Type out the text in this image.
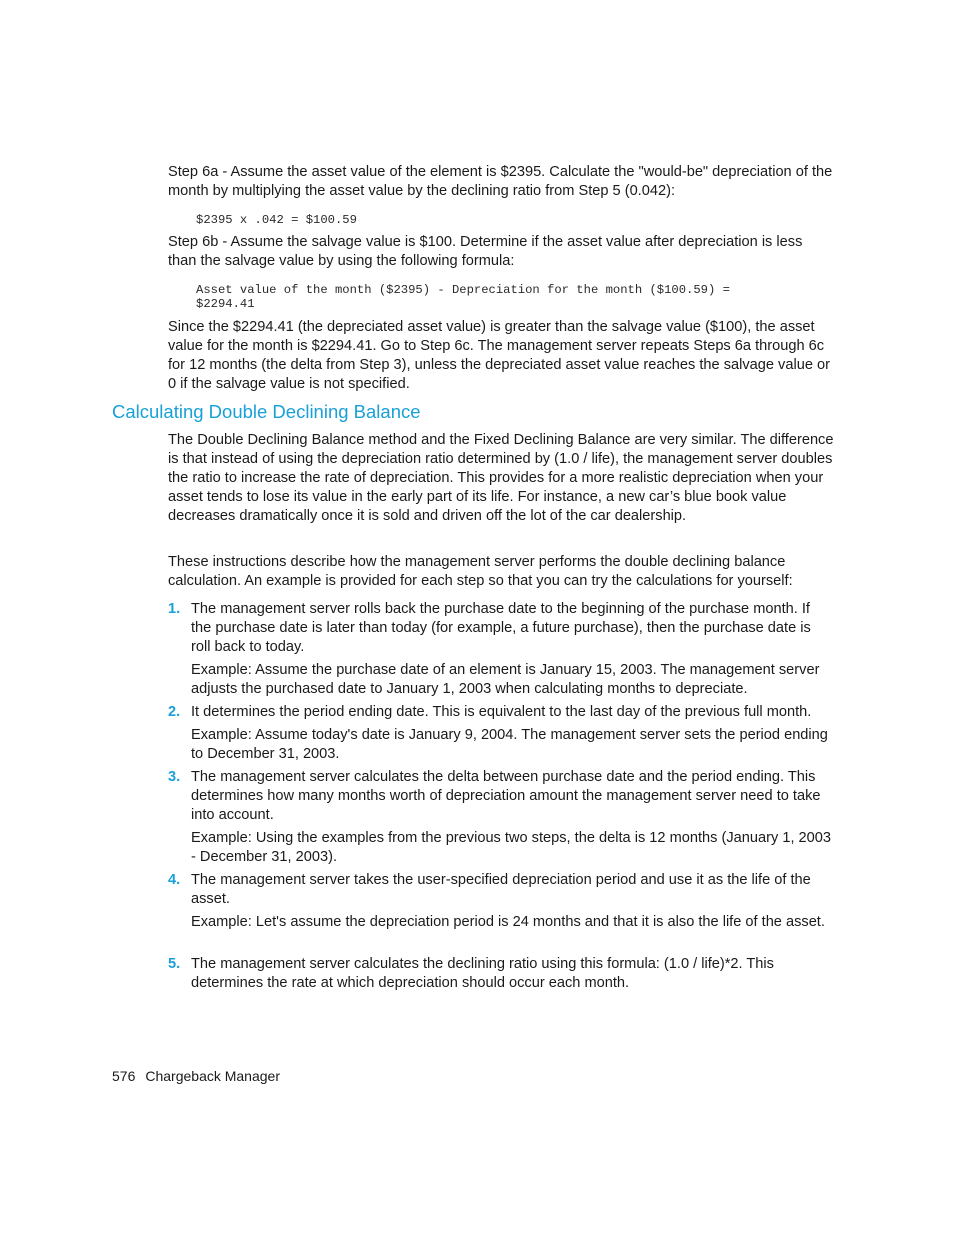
Step 6a - Assume the asset value of the element is $2395. Calculate the "would-be" depreciation of the month by multiplying the asset value by the declining ratio from Step 5 (0.042):

$2395 x .042 = $100.59

Step 6b - Assume the salvage value is $100. Determine if the asset value after depreciation is less than the salvage value by using the following formula:

Asset value of the month ($2395) - Depreciation for the month ($100.59) =
$2294.41

Since the $2294.41 (the depreciated asset value) is greater than the salvage value ($100), the asset value for the month is $2294.41. Go to Step 6c. The management server repeats Steps 6a through 6c for 12 months (the delta from Step 3), unless the depreciated asset value reaches the salvage value or 0 if the salvage value is not specified.

Calculating Double Declining Balance

The Double Declining Balance method and the Fixed Declining Balance are very similar. The difference is that instead of using the depreciation ratio determined by (1.0 / life), the management server doubles the ratio to increase the rate of depreciation. This provides for a more realistic depreciation when your asset tends to lose its value in the early part of its life. For instance, a new car’s blue book value decreases dramatically once it is sold and driven off the lot of the car dealership.

These instructions describe how the management server performs the double declining balance calculation. An example is provided for each step so that you can try the calculations for yourself:

1. The management server rolls back the purchase date to the beginning of the purchase month. If the purchase date is later than today (for example, a future purchase), then the purchase date is roll back to today.

Example: Assume the purchase date of an element is January 15, 2003. The management server adjusts the purchased date to January 1, 2003 when calculating months to depreciate.

2. It determines the period ending date. This is equivalent to the last day of the previous full month.

Example: Assume today's date is January 9, 2004. The management server sets the period ending to December 31, 2003.

3. The management server calculates the delta between purchase date and the period ending. This determines how many months worth of depreciation amount the management server need to take into account.

Example: Using the examples from the previous two steps, the delta is 12 months (January 1, 2003 - December 31, 2003).

4. The management server takes the user-specified depreciation period and use it as the life of the asset.

Example: Let's assume the depreciation period is 24 months and that it is also the life of the asset.

5. The management server calculates the declining ratio using this formula: (1.0 / life)*2. This determines the rate at which depreciation should occur each month.

576 Chargeback Manager
